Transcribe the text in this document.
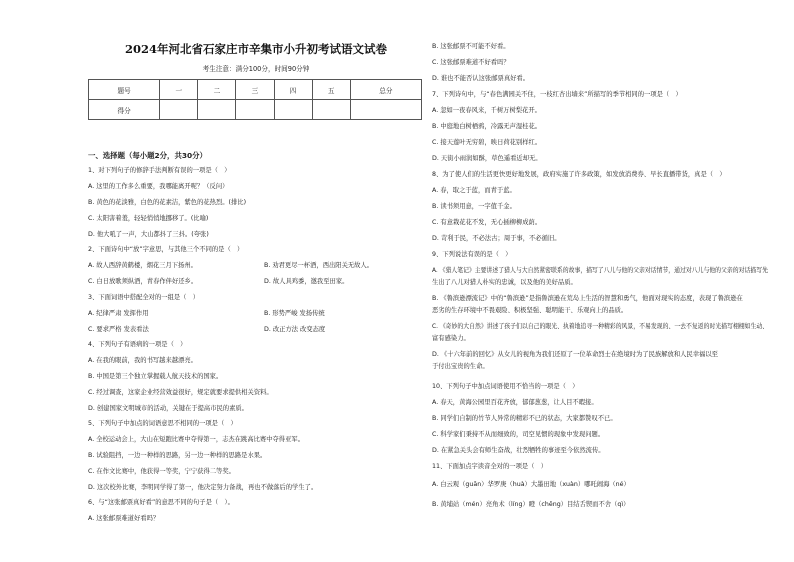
2024年河北省石家庄市辛集市小升初考试语文试卷
考生注意：满分100分，时间90分钟
题号	一	二	三	四	五	总分
得分						
一、选择题（每小题2分，共30分）
1、对下列句子的修辞手法判断有误的一项是（　）
A. 这里的工作多么重要，我哪能离开呢？（反问）
B. 黄色的花淡雅，白色的花素洁，紫色的花热烈。(排比)
C. 太阳害着羞，轻轻悄悄地挪移了。(比喻)
D. 他大吼了一声，大山都抖了三抖。(夸张)
2、下面诗句中“放”字意思，与其他三个不同的是（　）
A. 故人西辞黄鹤楼，烟花三月下扬州。	B. 劝君更尽一杯酒，西出阳关无故人。
C. 白日放歌须纵酒，青春作伴好还乡。	D. 故人具鸡黍，邀我至田家。
3、下面词语中搭配全对的一组是（　）
A. 纪律严肃 发挥作用	B. 形势严峻 发扬传统
C. 要求严格 发表看法	D. 改正方法 改变态度
4、下列句子有语病的一项是（　）
A. 在我的眼前，我的书写越来越漂亮。
B. 中国是第三个独立掌握载人航天技术的国家。
C. 经过调查，这家企业经营效益很好，规定就要求提供相关资料。
D. 创建国家文明城市的活动，关键在于提高市民的素质。
5、下列句子中加点的词语意思不相同的一项是（　）
A. 全校运动会上，大山在短跑比赛中夺得第一，志杰在跳高比赛中夺得亚军。
B. 试验阻挡，一边一种样的思路，另一边一种样的思路是水果。
C. 在作文比赛中，他获得一等奖，宁宁获得二等奖。
D. 这次校外比赛，李明同学得了第一，他决定努力备战，再也不做落后的学生了。
6、与“这张邮票真好看”的意思不同的句子是（　）。
A. 这张邮票难道好看吗？
B. 这张邮票不可能不好看。
C. 这张邮票难道不好看吗？
D. 谁也不能否认这张邮票真好看。
7、下列诗句中，与“春色满园关不住，一枝红杏出墙来”所描写的季节相同的一项是（　）
A. 忽如一夜春风来，千树万树梨花开。
B. 中庭地白树栖鸦，冷露无声湿桂花。
C. 接天莲叶无穷碧，映日荷花别样红。
D. 天街小雨润如酥，草色遥看近却无。
8、为了使人们的生活更快更好地发展，政府实施了许多政策，如发放消费券、早长直播带货，真是（　）
A. 春，取之于蓝，而青于蓝。
B. 读书须用意，一字值千金。
C. 有意栽花花不发，无心插柳柳成荫。
D. 苛利于民，不必法古；周于事，不必循旧。
9、下列说法有误的是（　）
A. 《猎人笔记》主要讲述了猎人与大自然紧密联系的故事，描写了八儿与他的父亲对话情节，通过对八儿与他的父亲的对话描写先
生出了八儿对猎人朴实的忠诚，以及他的美好品质。
B. 《鲁滨逊漂流记》中的“鲁滨逊”是指鲁滨逊在荒岛上生活的智慧和勇气，他面对现实的态度，表现了鲁滨逊在
恶劣的生存环境中不畏艰险、积极坚强、聪明能干、乐观向上的品质。
C. 《奇妙的大自然》讲述了孩子们以自己的眼光、执着地追寻一种精彩的风景，不易发现的、一去不复返的时光描写栩栩如生动、
富有感染力。
D. 《十六年前的回忆》从女儿的视角为我们还原了一位革命烈士在绝境时为了民族解放和人民幸福以至
于付出宝贵的生命。
10、下列句子中加点词语使用不恰当的一项是（　）
A. 春天，黄海公园里百花齐放，郁郁葱葱，让人目不暇接。
B. 同学们自制的竹节人异常的精彩不已的状态，大家都赞叹不已。
C. 科学家们秉持不从而细致的，司空见惯的现象中发现问题。
D. 在紧急关头会有师生奋战，壮烈牺牲的事迹至今依然流传。
11、下面加点字读音全对的一项是（　）
A. 白云观（guān）华罗庚（huà）大墨田地（xuàn）哪吒闹海（né）
B. 黄埔站（mén）亮角术（líng）瞪（chēng）目结舌锲而不舍（qì）
